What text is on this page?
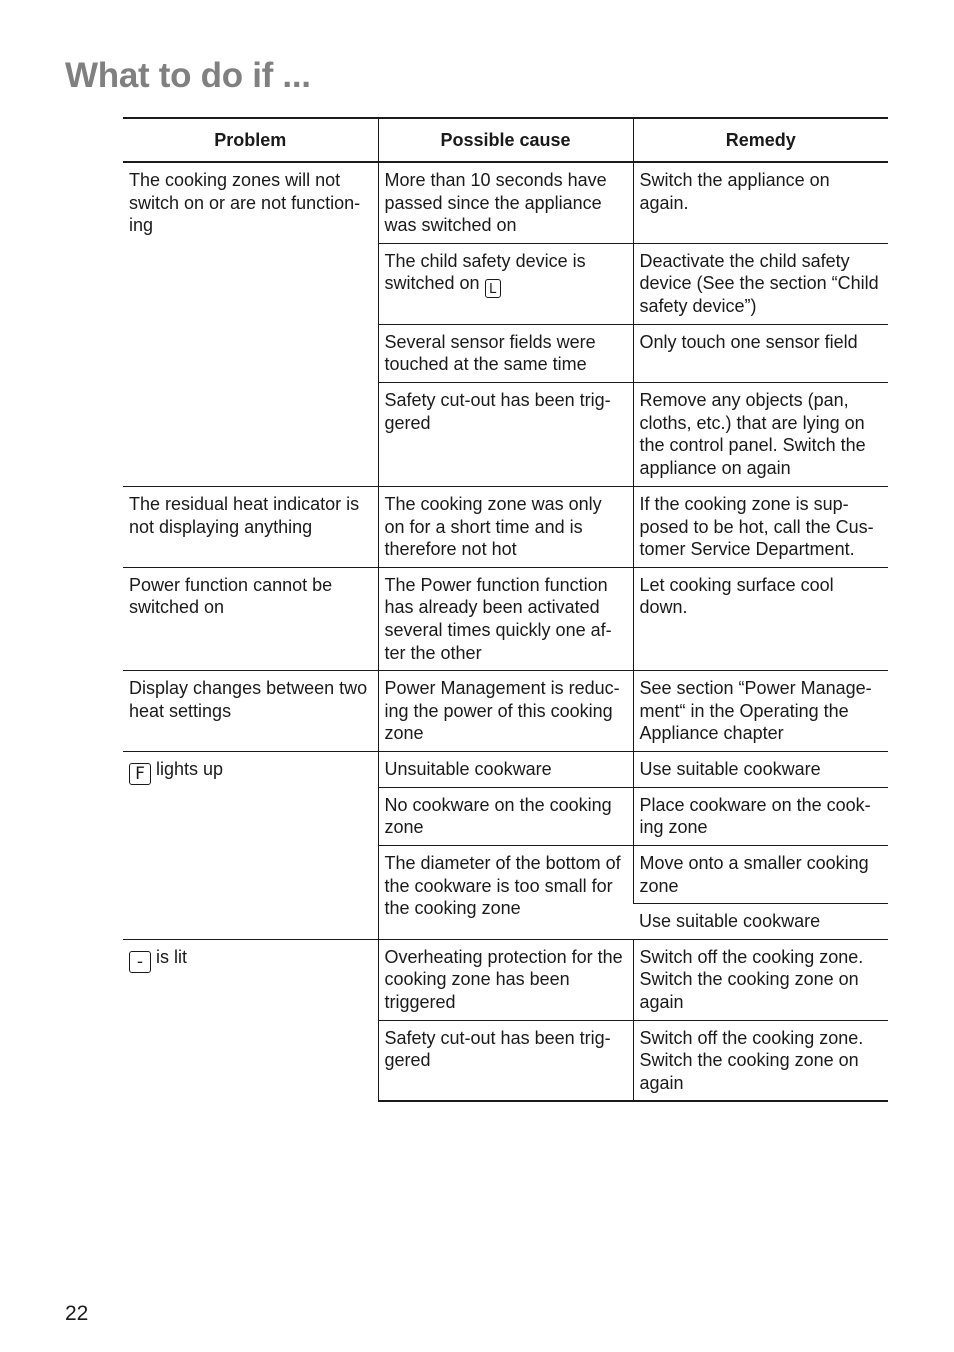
What to do if ...
Problem	Possible cause	Remedy
The cooking zones will not switch on or are not function-ing	More than 10 seconds have passed since the appliance was switched on	Switch the appliance on again.
	The child safety device is switched on L	Deactivate the child safety device (See the section “Child safety device”)
	Several sensor fields were touched at the same time	Only touch one sensor field
	Safety cut-out has been trig-gered	Remove any objects (pan, cloths, etc.) that are lying on the control panel. Switch the appliance on again
The residual heat indicator is not displaying anything	The cooking zone was only on for a short time and is therefore not hot	If the cooking zone is sup-posed to be hot, call the Cus-tomer Service Department.
Power function cannot be switched on	The Power function function has already been activated several times quickly one af-ter the other	Let cooking surface cool down.
Display changes between two heat settings	Power Management is reduc-ing the power of this cooking zone	See section “Power Manage-ment“ in the Operating the Appliance chapter
F lights up	Unsuitable cookware	Use suitable cookware
	No cookware on the cooking zone	Place cookware on the cook-ing zone
	The diameter of the bottom of the cookware is too small for the cooking zone	Move onto a smaller cooking zone
		Use suitable cookware
- is lit	Overheating protection for the cooking zone has been triggered	Switch off the cooking zone. Switch the cooking zone on again
	Safety cut-out has been trig-gered	Switch off the cooking zone. Switch the cooking zone on again

22
